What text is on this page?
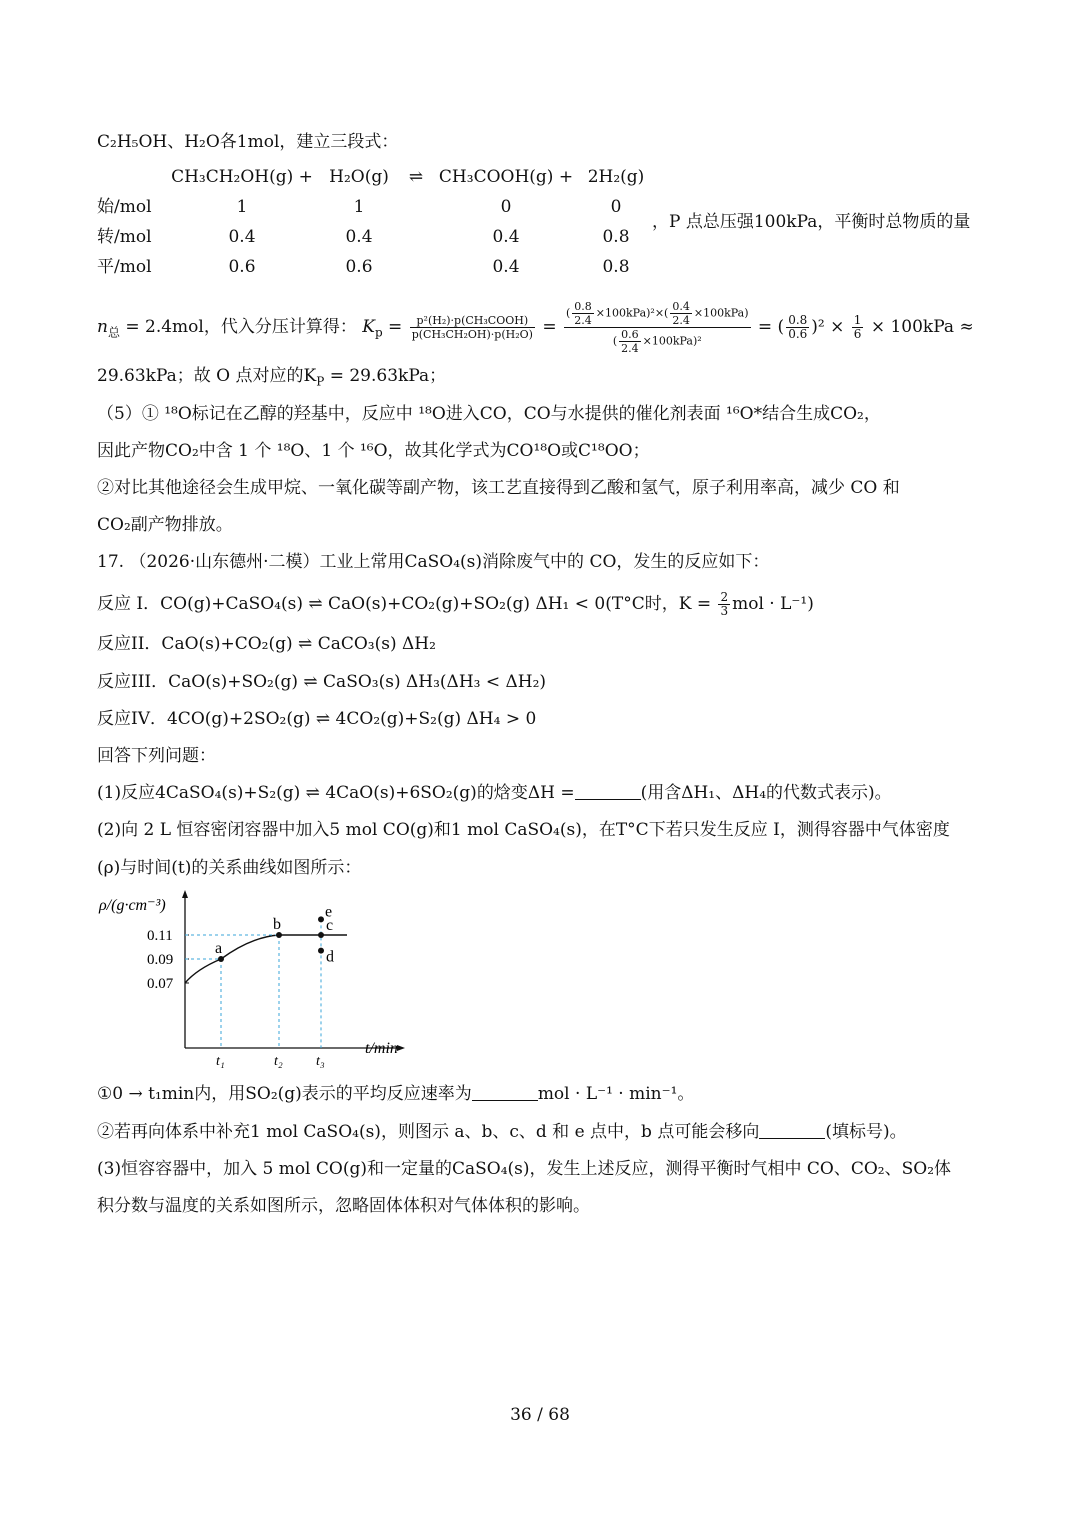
C₂H₅OH、H₂O各1mol，建立三段式：
CH₃CH₂OH(g) + H₂O(g) ⇌ CH₃COOH(g) + 2H₂(g)
始/mol	1	1	0	0
转/mol	0.4	0.4	0.4	0.8
平/mol	0.6	0.6	0.4	0.8
，P 点总压强100kPa，平衡时总物质的量
$n_总 = 2.4mol$，代入分压计算得： $K_p = \frac{\text{p²(H₂)·p(CH₃COOH)}}{\text{p(CH₃CH₂OH)·p(H₂O)}} = \frac{( \frac{0.8}{2.4} \times 100kPa)^2\times( \frac{0.4}{2.4} \times 100kPa)}{( \frac{0.6}{2.4} \times 100kPa)^2}$ = ( $\frac{0.8}{0.6} )^2 \times \frac{1}{6} \times 100kPa$ ≈
29.63kPa；故 O 点对应的$K_P = 29.63kPa$；
（5）① ¹⁸O标记在乙醇的羟基中，反应中 ¹⁸O进入CO，CO与水提供的催化剂表面 ¹⁶O*结合生成CO₂，
因此产物CO₂中含 1 个 ¹⁸O、1 个 ¹⁶O，故其化学式为CO¹⁸O或C¹⁸OO；
②对比其他途径会生成甲烷、一氧化碳等副产物，该工艺直接得到乙酸和氢气，原子利用率高，减少 CO 和
CO₂副产物排放。
17. （2026·山东德州·二模）工业上常用CaSO₄(s)消除废气中的 CO，发生的反应如下：
反应 I．CO(g)+CaSO₄(s) ⇌ CaO(s)+CO₂(g)+SO₂(g) ΔH₁ < 0(T°C时，$K = \frac{2}{3}$ mol · L⁻¹)
反应II．CaO(s)+CO₂(g) ⇌ CaCO₃(s) ΔH₂
反应III．CaO(s)+SO₂(g) ⇌ CaSO₃(s) ΔH₃(ΔH₃ < ΔH₂)
反应IV．4CO(g)+2SO₂(g) ⇌ 4CO₂(g)+S₂(g) ΔH₄ > 0
回答下列问题：
(1)反应4CaSO₄(s)+S₂(g) ⇌ 4CaO(s)+6SO₂(g)的焓变ΔH =	(用含ΔH₁、ΔH₄的代数式表示)。
(2)向 2 L 恒容密闭容器中加入5 mol CO(g)和1 mol CaSO₄(s)，在T°C下若只发生反应 I，测得容器中气体密度
(ρ)与时间(t)的关系曲线如图所示：
ρ/(g·cm⁻³)
t/min
0.11
0.09
0.07
t₁	t₂ t₃
a
b	c
d
e
①0 → t₁min内，用SO₂(g)表示的平均反应速率为	mol · L⁻¹ · min⁻¹。
②若再向体系中补充1 mol CaSO₄(s)，则图示 a、b、c、d 和 e 点中，b 点可能会移向	(填标号)。
(3)恒容容器中，加入 5 mol CO(g)和一定量的CaSO₄(s)，发生上述反应，测得平衡时气相中 CO、CO₂、SO₂体
积分数与温度的关系如图所示，忽略固体体积对气体体积的影响。
36 / 68
